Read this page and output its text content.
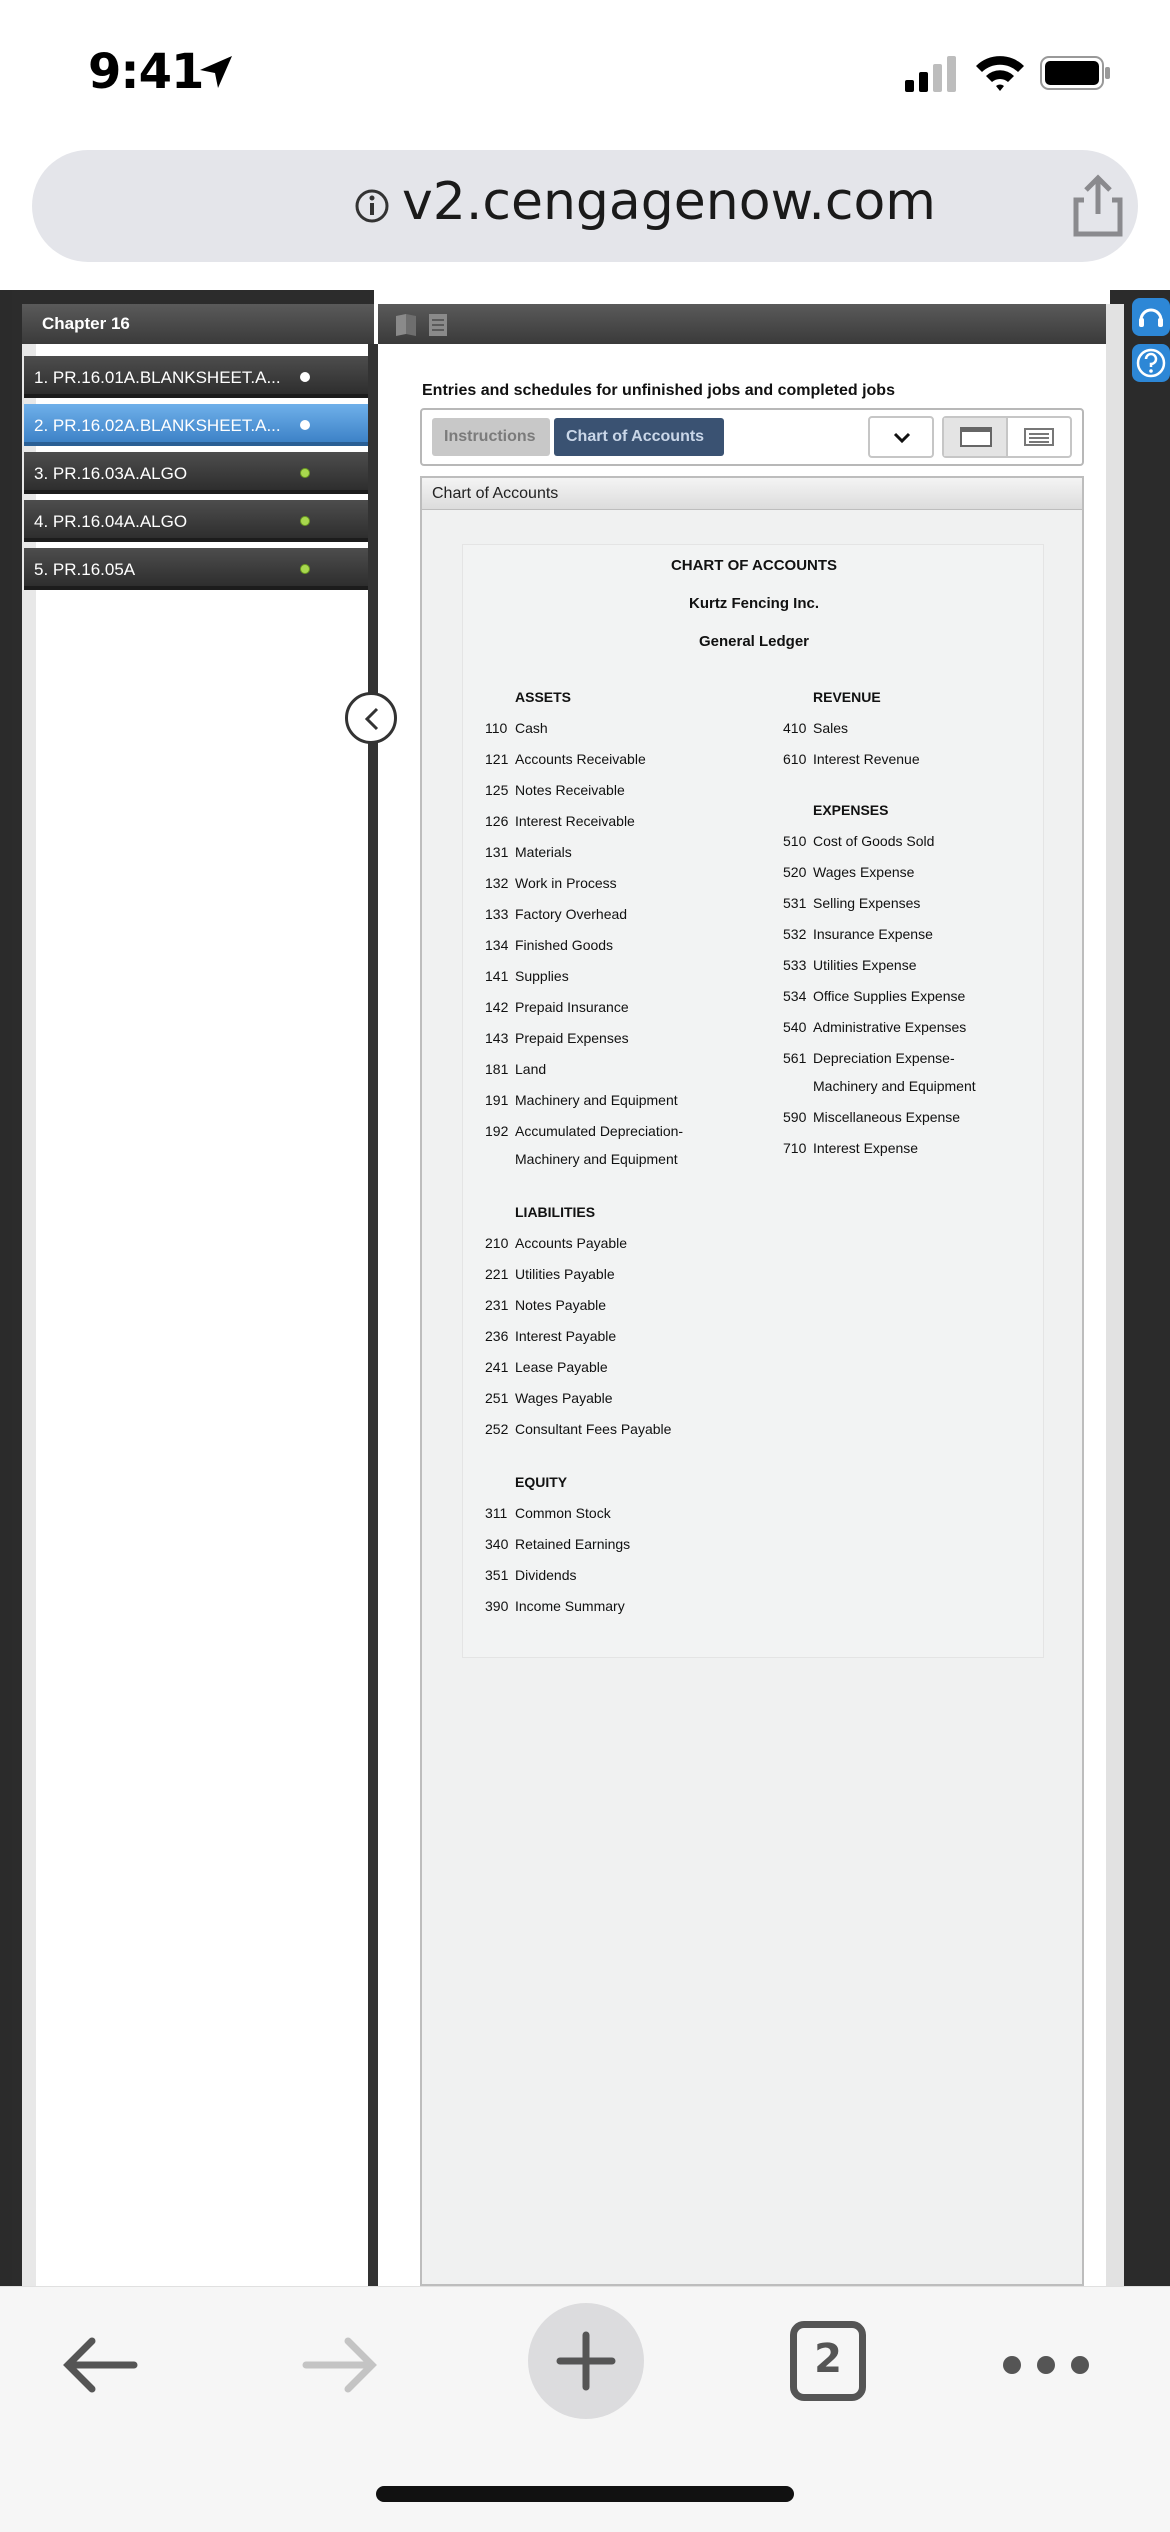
9:41
v2.cengagenow.com
Chapter 16
1. PR.16.01A.BLANKSHEET.A...
2. PR.16.02A.BLANKSHEET.A...
3. PR.16.03A.ALGO
4. PR.16.04A.ALGO
5. PR.16.05A
Entries and schedules for unfinished jobs and completed jobs
Instructions	Chart of Accounts
Chart of Accounts
CHART OF ACCOUNTS
Kurtz Fencing Inc.
General Ledger
ASSETS
110 Cash
121 Accounts Receivable
125 Notes Receivable
126 Interest Receivable
131 Materials
132 Work in Process
133 Factory Overhead
134 Finished Goods
141 Supplies
142 Prepaid Insurance
143 Prepaid Expenses
181 Land
191 Machinery and Equipment
192 Accumulated Depreciation-
Machinery and Equipment
LIABILITIES
210 Accounts Payable
221 Utilities Payable
231 Notes Payable
236 Interest Payable
241 Lease Payable
251 Wages Payable
252 Consultant Fees Payable
EQUITY
311 Common Stock
340 Retained Earnings
351 Dividends
390 Income Summary
REVENUE
410 Sales
610 Interest Revenue
EXPENSES
510 Cost of Goods Sold
520 Wages Expense
531 Selling Expenses
532 Insurance Expense
533 Utilities Expense
534 Office Supplies Expense
540 Administrative Expenses
561 Depreciation Expense-
Machinery and Equipment
590 Miscellaneous Expense
710 Interest Expense
2
